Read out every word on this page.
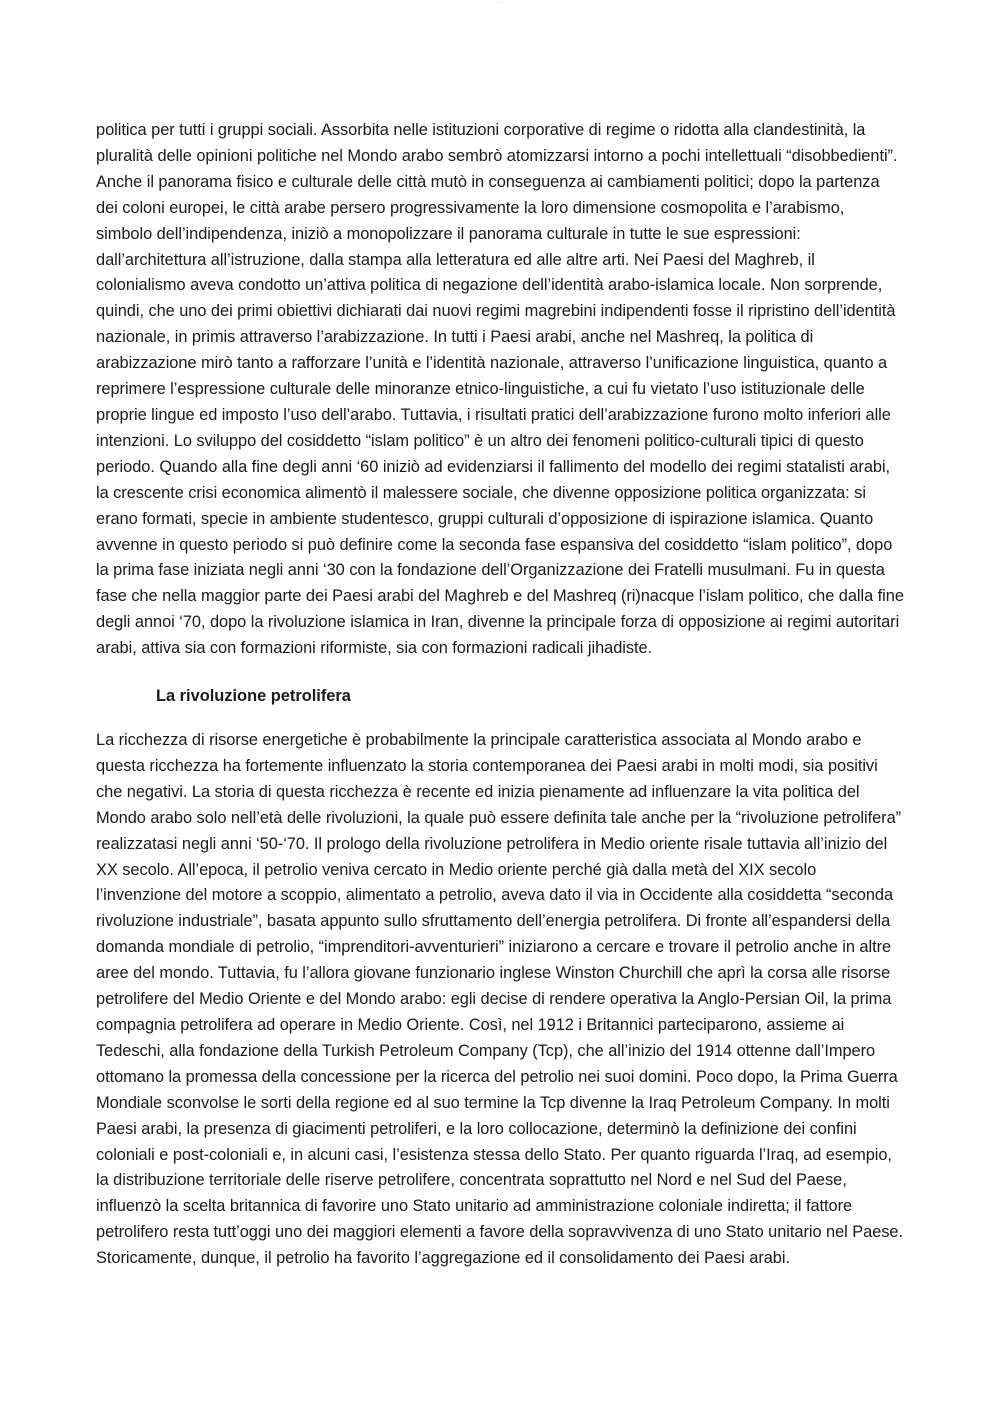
~~~

politica per tutti i gruppi sociali. Assorbita nelle istituzioni corporative di regime o ridotta alla clandestinità, la pluralità delle opinioni politiche nel Mondo arabo sembrò atomizzarsi intorno a pochi intellettuali “disobbedienti”. Anche il panorama fisico e culturale delle città mutò in conseguenza ai cambiamenti politici; dopo la partenza dei coloni europei, le città arabe persero progressivamente la loro dimensione cosmopolita e l’arabismo, simbolo dell’indipendenza, iniziò a monopolizzare il panorama culturale in tutte le sue espressioni: dall’architettura all’istruzione, dalla stampa alla letteratura ed alle altre arti. Nei Paesi del Maghreb, il colonialismo aveva condotto un’attiva politica di negazione dell’identità arabo-islamica locale. Non sorprende, quindi, che uno dei primi obiettivi dichiarati dai nuovi regimi magrebini indipendenti fosse il ripristino dell’identità nazionale, in primis attraverso l’arabizzazione. In tutti i Paesi arabi, anche nel Mashreq, la politica di arabizzazione mirò tanto a rafforzare l’unità e l’identità nazionale, attraverso l’unificazione linguistica, quanto a reprimere l’espressione culturale delle minoranze etnico-linguistiche, a cui fu vietato l’uso istituzionale delle proprie lingue ed imposto l’uso dell’arabo. Tuttavia, i risultati pratici dell’arabizzazione furono molto inferiori alle intenzioni. Lo sviluppo del cosiddetto “islam politico” è un altro dei fenomeni politico-culturali tipici di questo periodo. Quando alla fine degli anni ‘60 iniziò ad evidenziarsi il fallimento del modello dei regimi statalisti arabi, la crescente crisi economica alimentò il malessere sociale, che divenne opposizione politica organizzata: si erano formati, specie in ambiente studentesco, gruppi culturali d’opposizione di ispirazione islamica. Quanto avvenne in questo periodo si può definire come la seconda fase espansiva del cosiddetto “islam politico”, dopo la prima fase iniziata negli anni ‘30 con la fondazione dell’Organizzazione dei Fratelli musulmani. Fu in questa fase che nella maggior parte dei Paesi arabi del Maghreb e del Mashreq (ri)nacque l’islam politico, che dalla fine degli annoi ‘70, dopo la rivoluzione islamica in Iran, divenne la principale forza di opposizione ai regimi autoritari arabi, attiva sia con formazioni riformiste, sia con formazioni radicali jihadiste.

La rivoluzione petrolifera

La ricchezza di risorse energetiche è probabilmente la principale caratteristica associata al Mondo arabo e questa ricchezza ha fortemente influenzato la storia contemporanea dei Paesi arabi in molti modi, sia positivi che negativi. La storia di questa ricchezza è recente ed inizia pienamente ad influenzare la vita politica del Mondo arabo solo nell’età delle rivoluzioni, la quale può essere definita tale anche per la “rivoluzione petrolifera” realizzatasi negli anni ‘50-‘70. Il prologo della rivoluzione petrolifera in Medio oriente risale tuttavia all’inizio del XX secolo. All’epoca, il petrolio veniva cercato in Medio oriente perché già dalla metà del XIX secolo l’invenzione del motore a scoppio, alimentato a petrolio, aveva dato il via in Occidente alla cosiddetta “seconda rivoluzione industriale”, basata appunto sullo sfruttamento dell’energia petrolifera. Di fronte all’espandersi della domanda mondiale di petrolio, “imprenditori-avventurieri” iniziarono a cercare e trovare il petrolio anche in altre aree del mondo. Tuttavia, fu l’allora giovane funzionario inglese Winston Churchill che aprì la corsa alle risorse petrolifere del Medio Oriente e del Mondo arabo: egli decise di rendere operativa la Anglo-Persian Oil, la prima compagnia petrolifera ad operare in Medio Oriente. Così, nel 1912 i Britannici parteciparono, assieme ai Tedeschi, alla fondazione della Turkish Petroleum Company (Tcp), che all’inizio del 1914 ottenne dall’Impero ottomano la promessa della concessione per la ricerca del petrolio nei suoi domini. Poco dopo, la Prima Guerra Mondiale sconvolse le sorti della regione ed al suo termine la Tcp divenne la Iraq Petroleum Company. In molti Paesi arabi, la presenza di giacimenti petroliferi, e la loro collocazione, determinò la definizione dei confini coloniali e post-coloniali e, in alcuni casi, l’esistenza stessa dello Stato. Per quanto riguarda l’Iraq, ad esempio, la distribuzione territoriale delle riserve petrolifere, concentrata soprattutto nel Nord e nel Sud del Paese, influenzò la scelta britannica di favorire uno Stato unitario ad amministrazione coloniale indiretta; il fattore petrolifero resta tutt’oggi uno dei maggiori elementi a favore della sopravvivenza di uno Stato unitario nel Paese. Storicamente, dunque, il petrolio ha favorito l’aggregazione ed il consolidamento dei Paesi arabi.
